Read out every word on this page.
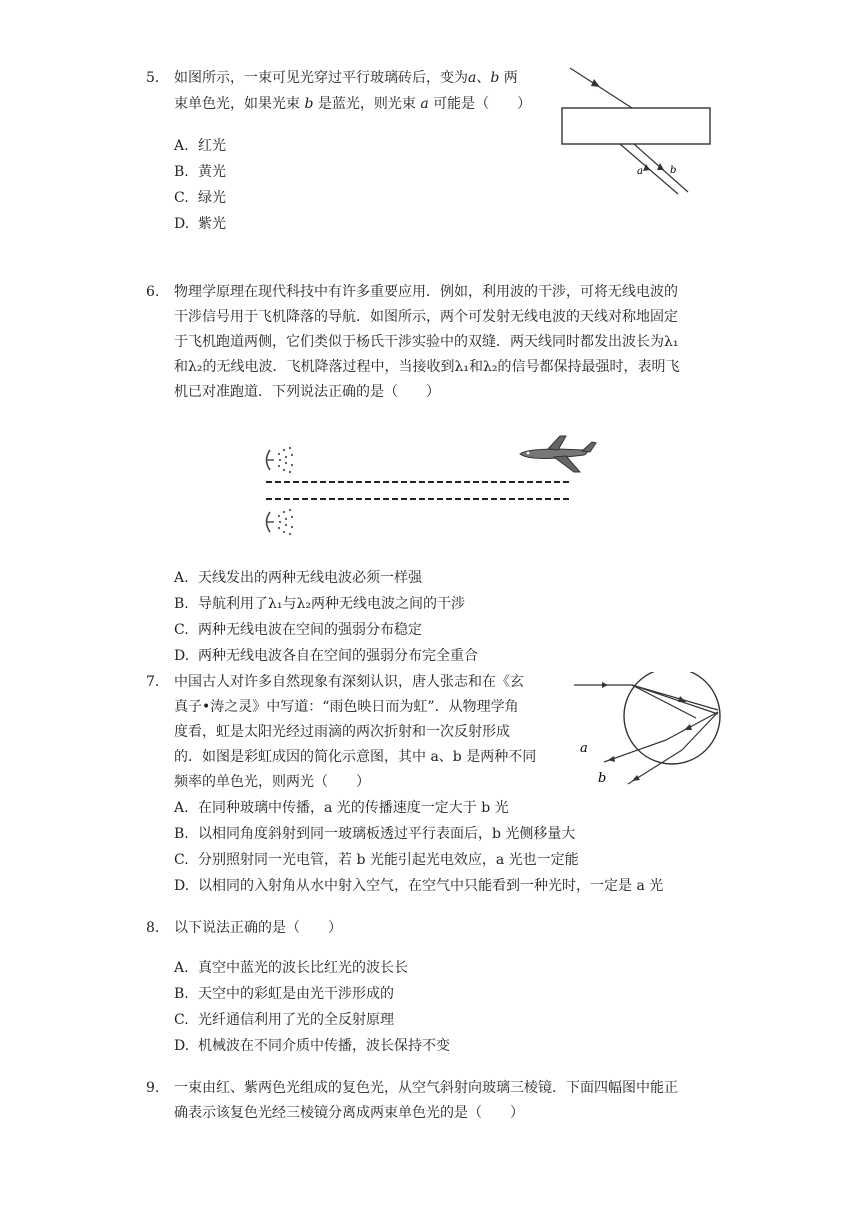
5. 如图所示，一束可见光穿过平行玻璃砖后，变为a、b 两
束单色光，如果光束 b 是蓝光，则光束 a 可能是（　　）
A. 红光
B. 黄光
C. 绿光
D. 紫光
a	b
6. 物理学原理在现代科技中有许多重要应用．例如，利用波的干涉，可将无线电波的
干涉信号用于飞机降落的导航．如图所示，两个可发射无线电波的天线对称地固定
于飞机跑道两侧，它们类似于杨氏干涉实验中的双缝．两天线同时都发出波长为λ₁
和λ₂的无线电波．飞机降落过程中，当接收到λ₁和λ₂的信号都保持最强时，表明飞
机已对准跑道．下列说法正确的是（　　）
A. 天线发出的两种无线电波必须一样强
B. 导航利用了λ₁与λ₂两种无线电波之间的干涉
C. 两种无线电波在空间的强弱分布稳定
D. 两种无线电波各自在空间的强弱分布完全重合
7. 中国古人对许多自然现象有深刻认识，唐人张志和在《玄
真子•涛之灵》中写道：“雨色映日而为虹”．从物理学角
度看，虹是太阳光经过雨滴的两次折射和一次反射形成
的．如图是彩虹成因的简化示意图，其中 a、b 是两种不同
频率的单色光，则两光（　　）
a
b
A. 在同种玻璃中传播，a 光的传播速度一定大于 b 光
B. 以相同角度斜射到同一玻璃板透过平行表面后，b 光侧移量大
C. 分别照射同一光电管，若 b 光能引起光电效应，a 光也一定能
D. 以相同的入射角从水中射入空气，在空气中只能看到一种光时，一定是 a 光
8. 以下说法正确的是（　　）
A. 真空中蓝光的波长比红光的波长长
B. 天空中的彩虹是由光干涉形成的
C. 光纤通信利用了光的全反射原理
D. 机械波在不同介质中传播，波长保持不变
9. 一束由红、紫两色光组成的复色光，从空气斜射向玻璃三棱镜．下面四幅图中能正
确表示该复色光经三棱镜分离成两束单色光的是（　　）
